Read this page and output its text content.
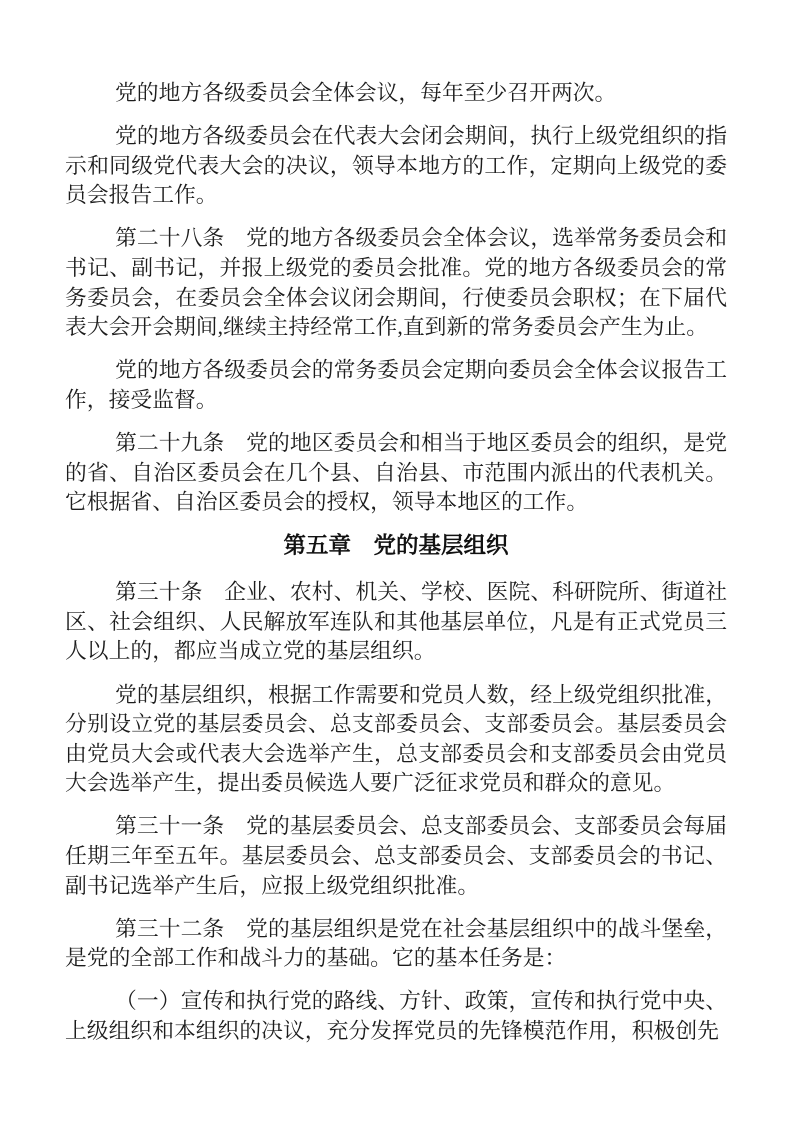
党的地方各级委员会全体会议，每年至少召开两次。

党的地方各级委员会在代表大会闭会期间，执行上级党组织的指示和同级党代表大会的决议，领导本地方的工作，定期向上级党的委员会报告工作。

第二十八条　党的地方各级委员会全体会议，选举常务委员会和书记、副书记，并报上级党的委员会批准。党的地方各级委员会的常务委员会，在委员会全体会议闭会期间，行使委员会职权；在下届代表大会开会期间,继续主持经常工作,直到新的常务委员会产生为止。

党的地方各级委员会的常务委员会定期向委员会全体会议报告工作，接受监督。

第二十九条　党的地区委员会和相当于地区委员会的组织，是党的省、自治区委员会在几个县、自治县、市范围内派出的代表机关。它根据省、自治区委员会的授权，领导本地区的工作。

第五章　党的基层组织

第三十条　企业、农村、机关、学校、医院、科研院所、街道社区、社会组织、人民解放军连队和其他基层单位，凡是有正式党员三人以上的，都应当成立党的基层组织。

党的基层组织，根据工作需要和党员人数，经上级党组织批准，分别设立党的基层委员会、总支部委员会、支部委员会。基层委员会由党员大会或代表大会选举产生，总支部委员会和支部委员会由党员大会选举产生，提出委员候选人要广泛征求党员和群众的意见。

第三十一条　党的基层委员会、总支部委员会、支部委员会每届任期三年至五年。基层委员会、总支部委员会、支部委员会的书记、副书记选举产生后，应报上级党组织批准。

第三十二条　党的基层组织是党在社会基层组织中的战斗堡垒，是党的全部工作和战斗力的基础。它的基本任务是：

（一）宣传和执行党的路线、方针、政策，宣传和执行党中央、上级组织和本组织的决议，充分发挥党员的先锋模范作用，积极创先
